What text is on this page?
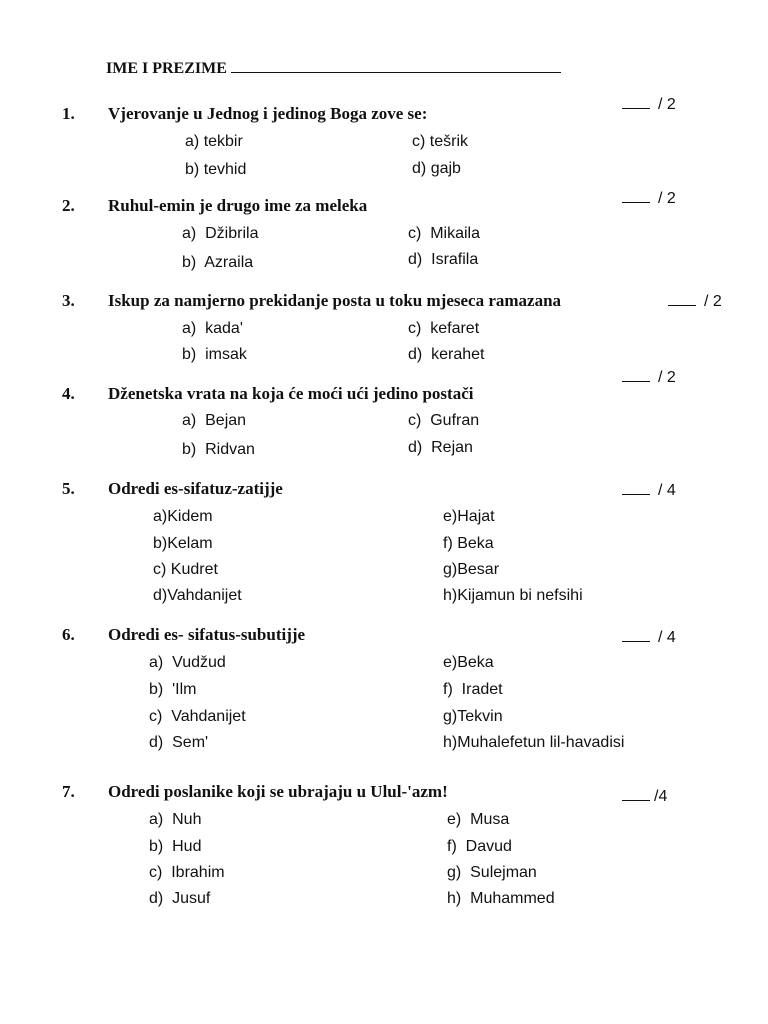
IME I PREZIME
1. Vjerovanje u Jednog i jedinog Boga zove se:	/ 2
a) tekbir
b) tevhid
c) tešrik
d) gajb
2. Ruhul-emin je drugo ime za meleka	/ 2
a) Džibrila
b) Azraila
c) Mikaila
d) Israfila
3. Iskup za namjerno prekidanje posta u toku mjeseca ramazana	/ 2
a) kada'
b) imsak
c) kefaret
d) kerahet
4. Dženetska vrata na koja će moći ući jedino postači
/ 2
a) Bejan
b) Ridvan
c) Gufran
d) Rejan
5. Odredi es-sifatuz-zatijje	/ 4
a)Kidem
b)Kelam
c) Kudret
d)Vahdanijet
e)Hajat
f) Beka
g)Besar
h)Kijamun bi nefsihi
6. Odredi es- sifatus-subutijje	/ 4
a) Vudžud
b) 'Ilm
c) Vahdanijet
d) Sem'
e)Beka
f) Iradet
g)Tekvin
h)Muhalefetun lil-havadisi
7. Odredi poslanike koji se ubrajaju u Ulul-'azm!	/4
a) Nuh
b) Hud
c) Ibrahim
d) Jusuf
e) Musa
f) Davud
g) Sulejman
h) Muhammed
